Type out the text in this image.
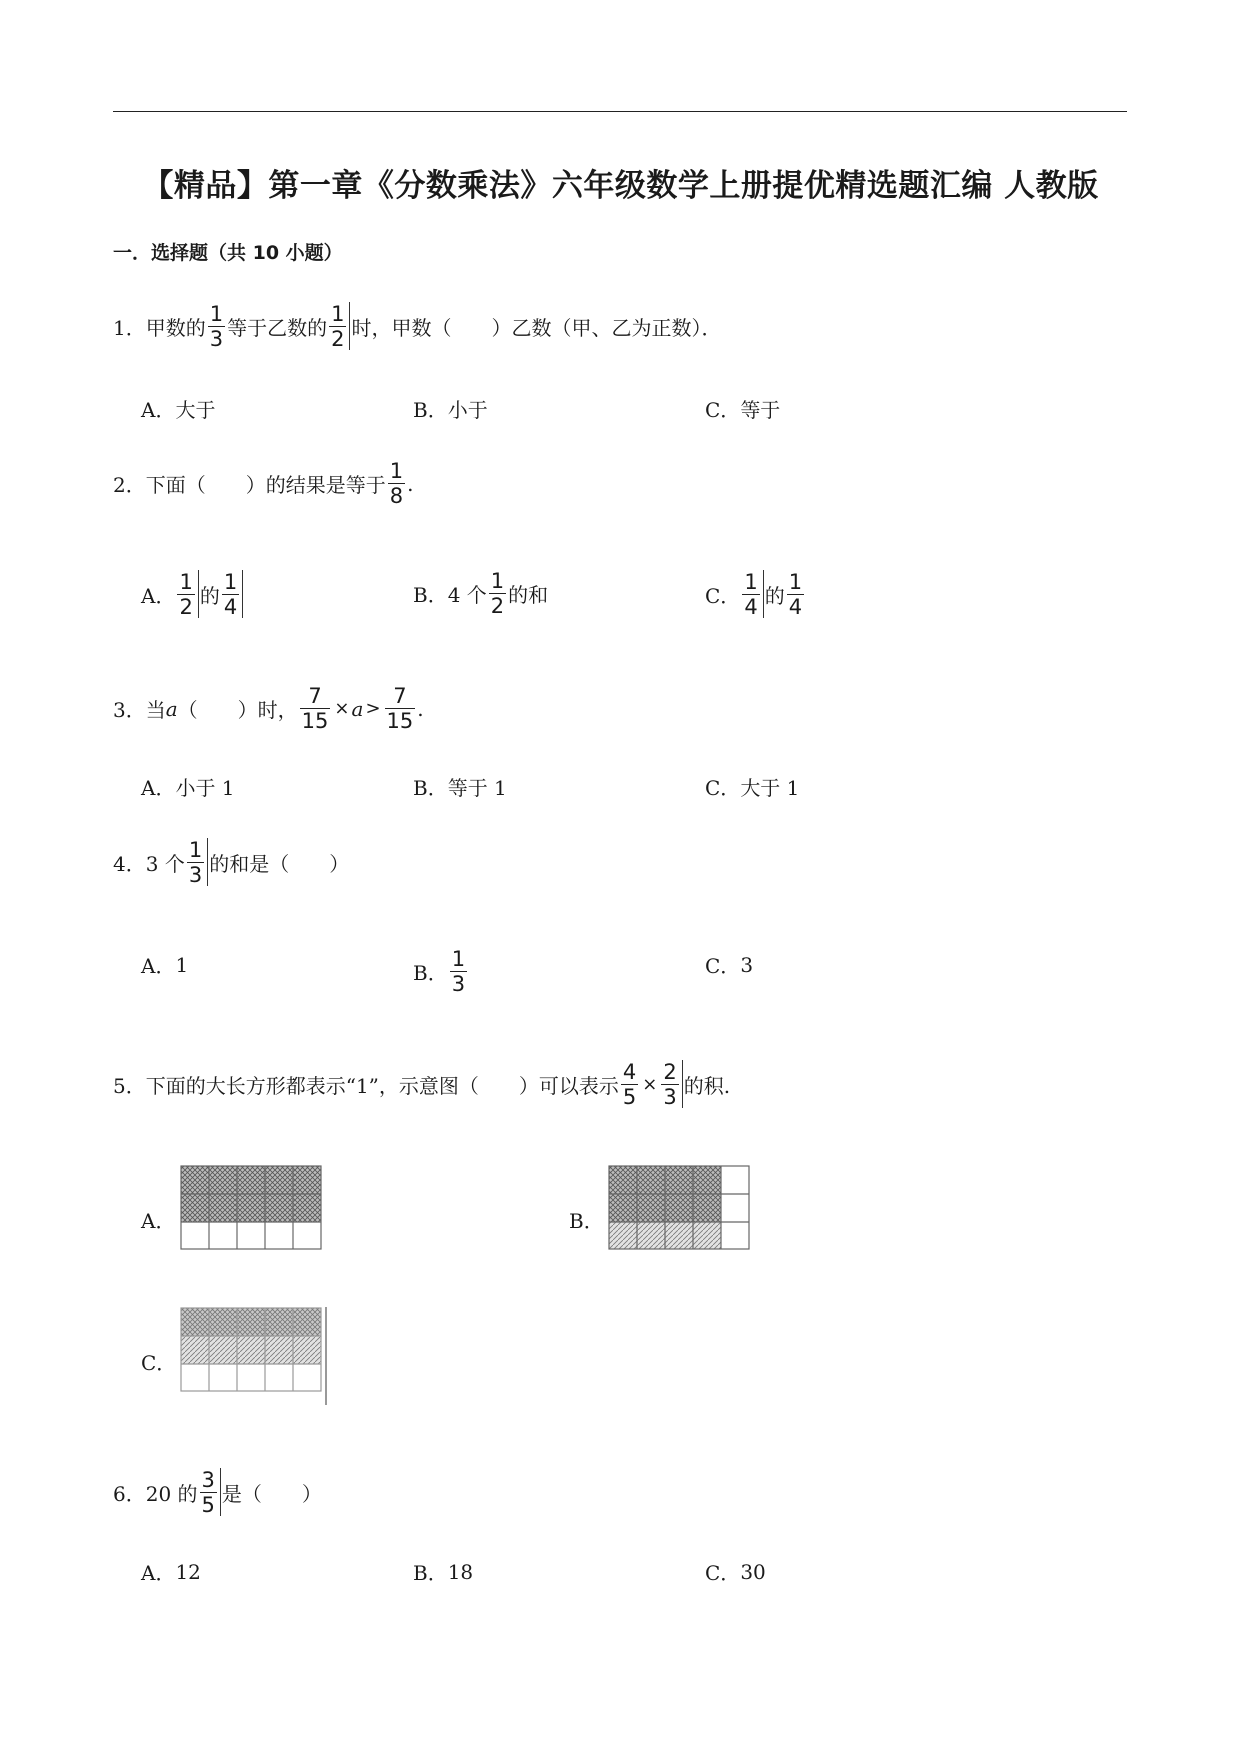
【精品】第一章《分数乘法》六年级数学上册提优精选题汇编 人教版
一．选择题（共 10 小题）
1． 甲数的 $\frac{1}{3}$ 等于乙数的 $\frac{1}{2}$ 时，甲数（　　）乙数（甲、乙为正数）．
A． 大于	B． 小于	C． 等于
2． 下面（　　）的结果是等于 $\frac{1}{8}$ .
A． $\frac{1}{2}$ 的 $\frac{1}{4}$	B． 4 个 $\frac{1}{2}$ 的和	C． $\frac{1}{4}$ 的 $\frac{1}{4}$
3． 当 a （　　）时， $\frac{7}{15} \times a > \frac{7}{15}$ .
A． 小于 1	B． 等于 1	C． 大于 1
4． 3 个 $\frac{1}{3}$ 的和是（　　）
A． 1	B． $\frac{1}{3}$	C． 3
5． 下面的大长方形都表示“1”，示意图（　　）可以表示 $\frac{4}{5} \times \frac{2}{3}$ 的积.
A．	B．
C．
6． 20 的 $\frac{3}{5}$ 是（　　）
A． 12	B． 18	C． 30
